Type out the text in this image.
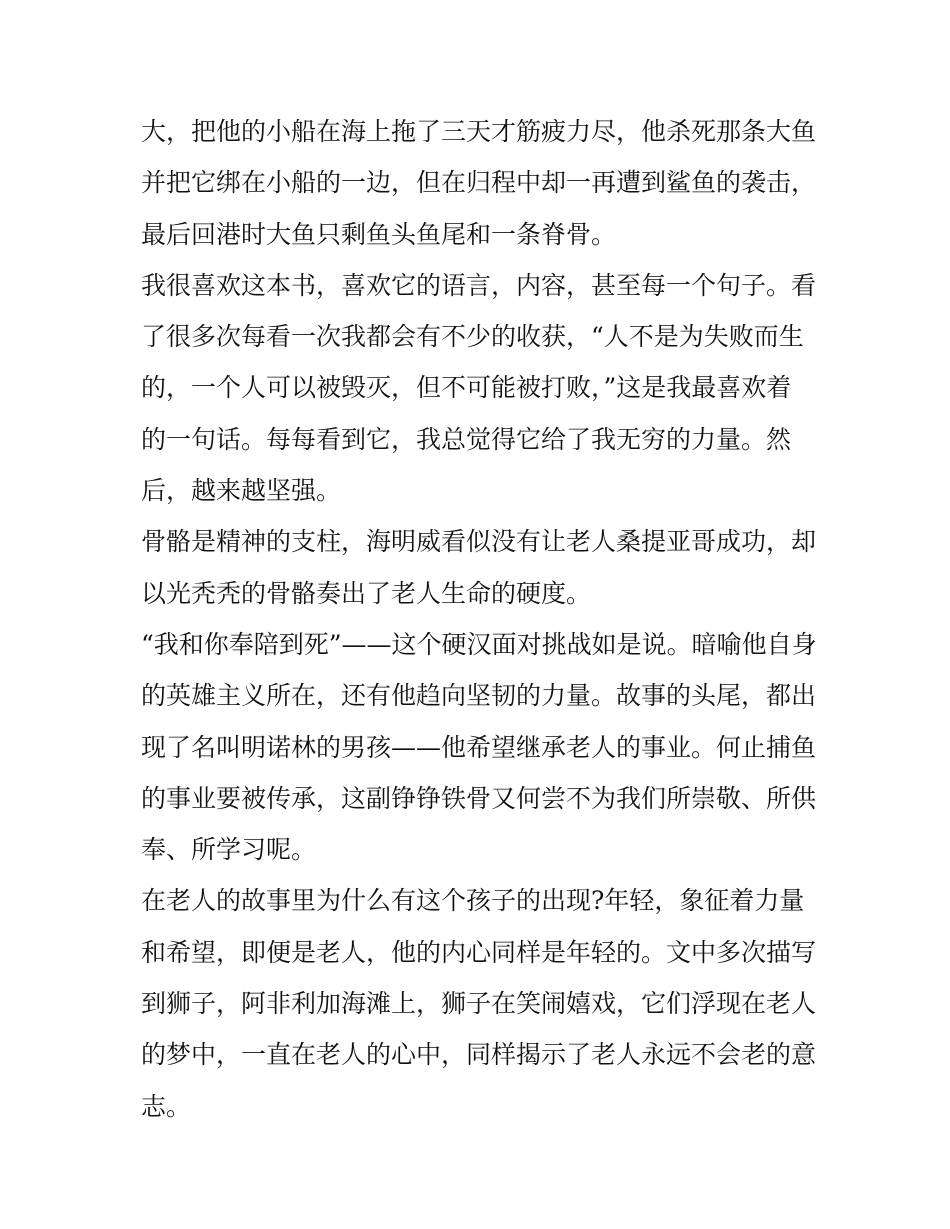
大，把他的小船在海上拖了三天才筋疲力尽，他杀死那条大鱼
并把它绑在小船的一边，但在归程中却一再遭到鲨鱼的袭击，
最后回港时大鱼只剩鱼头鱼尾和一条脊骨。
我很喜欢这本书，喜欢它的语言，内容，甚至每一个句子。看
了很多次每看一次我都会有不少的收获，“人不是为失败而生
的，一个人可以被毁灭，但不可能被打败，”这是我最喜欢着
的一句话。每每看到它，我总觉得它给了我无穷的力量。然
后，越来越坚强。
骨骼是精神的支柱，海明威看似没有让老人桑提亚哥成功，却
以光秃秃的骨骼奏出了老人生命的硬度。
“我和你奉陪到死”——这个硬汉面对挑战如是说。暗喻他自身
的英雄主义所在，还有他趋向坚韧的力量。故事的头尾，都出
现了名叫明诺林的男孩——他希望继承老人的事业。何止捕鱼
的事业要被传承，这副铮铮铁骨又何尝不为我们所崇敬、所供
奉、所学习呢。
在老人的故事里为什么有这个孩子的出现?年轻，象征着力量
和希望，即便是老人，他的内心同样是年轻的。文中多次描写
到狮子，阿非利加海滩上，狮子在笑闹嬉戏，它们浮现在老人
的梦中，一直在老人的心中，同样揭示了老人永远不会老的意
志。
